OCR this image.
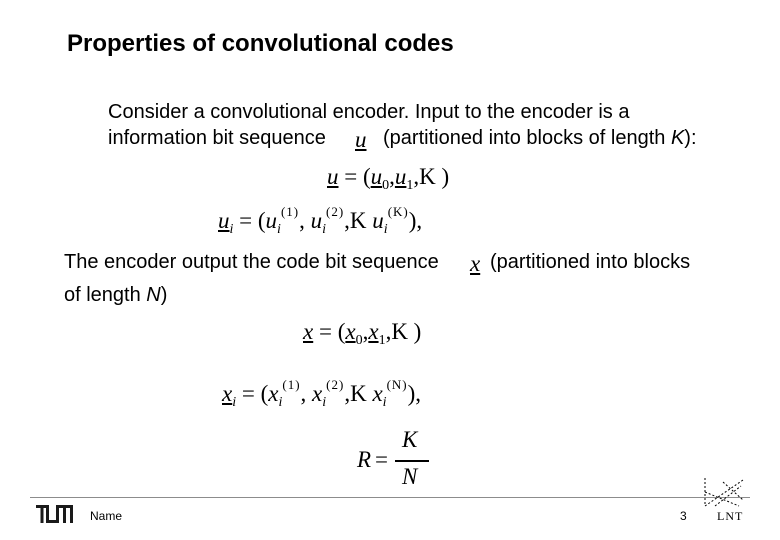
Properties of convolutional codes
Consider a convolutional encoder. Input to the encoder is a
information bit sequence u (partitioned into blocks of length K):
$u = (u_0,u_1,K$ )
$u_i = (u_i^{(1)}$, $u_i^{(2)},K$ $u_i^{(K)}$),
The encoder output the code bit sequence x (partitioned into blocks
of length N)
$x = (x_0,x_1,K$ )
$x_i = (x_i^{(1)}$, $x_i^{(2)},K$ $x_i^{(N)}$),
R =
K
N
Name	3	LNT
